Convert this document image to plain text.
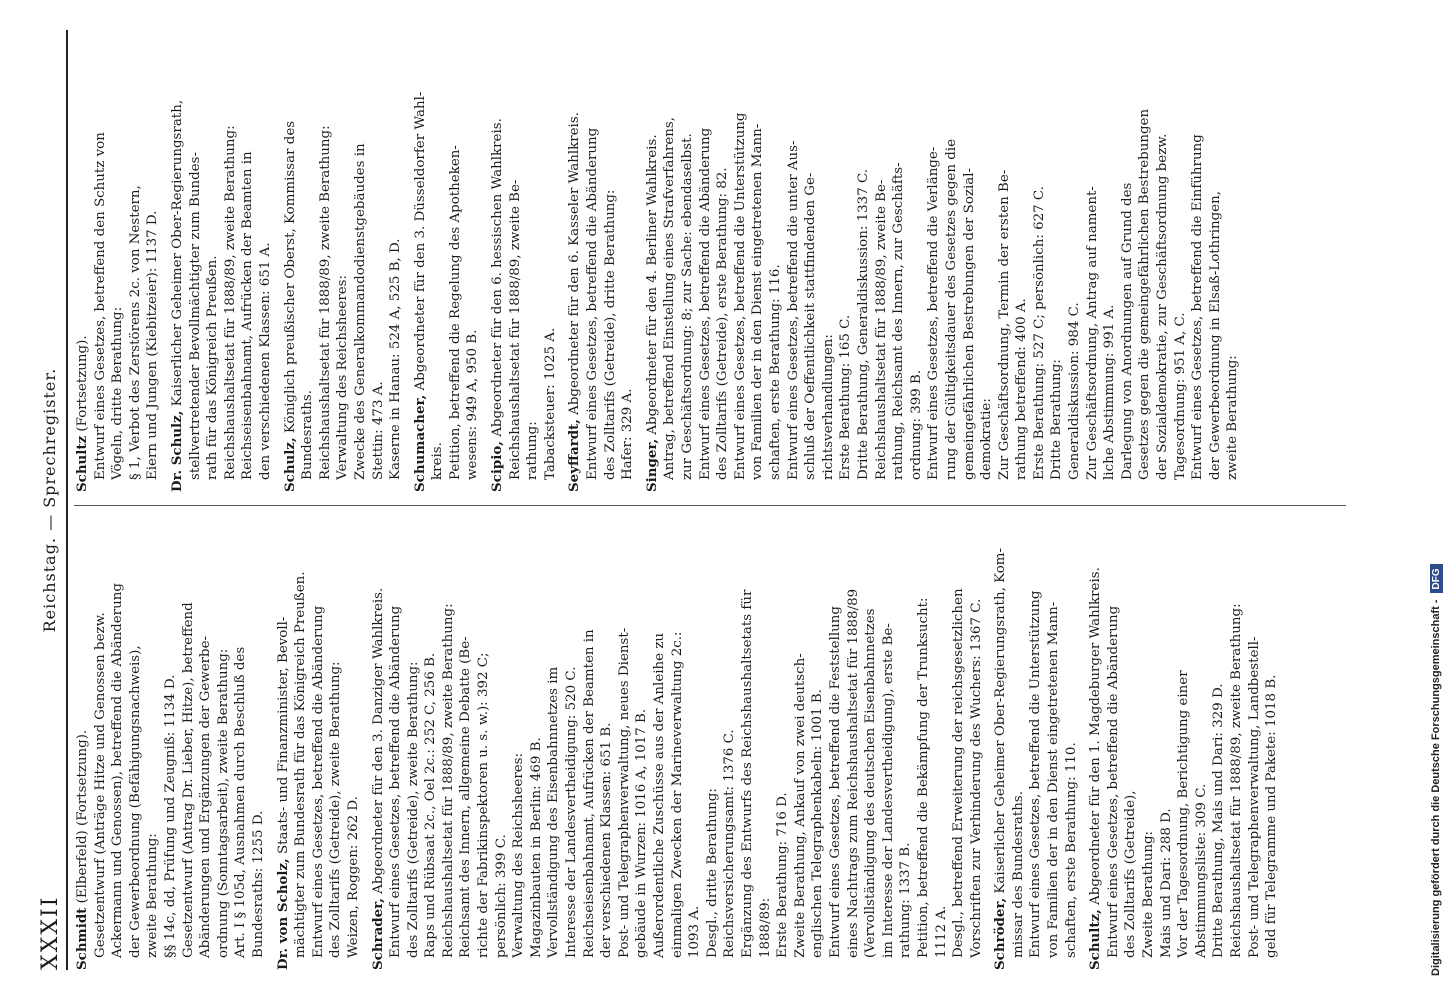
XXXII
Reichstag. — Sprechregister.
Schmidt (Elberfeld) (Fortsetzung). Gesetzentwurf (Anträge Hitze und Genossen bezw. Ackermann und Genossen), betreffend die Abänderung der Gewerbeordnung (Befähigungsnachweis), zweite Berathung: §§ 14c, dd, Prüfung und Zeugniß: 1134 D. Gesetzentwurf (Antrag Dr. Lieber, Hitze), betreffend Abänderungen und Ergänzungen der Gewerbe- ordnung (Sonntagsarbeit), zweite Berathung: Art. I § 105d, Ausnahmen durch Beschluß des Bundesraths: 1255 D. Dr. von Scholz, Staats- und Finanzminister, Bevoll- mächtigter zum Bundesrath für das Königreich Preußen. Entwurf eines Gesetzes, betreffend die Abänderung des Zolltarifs (Getreide), zweite Berathung: Weizen, Roggen: 262 D. Schrader, Abgeordneter für den 3. Danziger Wahlkreis. Entwurf eines Gesetzes, betreffend die Abänderung des Zolltarifs (Getreide), zweite Berathung: Raps und Rübsaat 2c., Oel 2c.: 252 C, 256 B. Reichshaushaltsetat für 1888/89, zweite Berathung: Reichsamt des Innern, allgemeine Debatte (Be- richte der Fabrikinspektoren u. s. w.): 392 C; persönlich: 399 C. Verwaltung des Reichsheeres: Magazinbauten in Berlin: 469 B. Vervollständigung des Eisenbahnnetzes im Interesse der Landesvertheidigung: 520 C. Reichseisenbahnamt, Aufrücken der Beamten in der verschiedenen Klassen: 651 B. Post- und Telegraphenverwaltung, neues Dienst- gebäude in Wurzen: 1016 A, 1017 B. Außerordentliche Zuschüsse aus der Anleihe zu einmaligen Zwecken der Marineverwaltung 2c.: 1093 A. Desgl., dritte Berathung: Reichsversicherungsamt: 1376 C. Ergänzung des Entwurfs des Reichshaushaltsetats für 1888/89: Erste Berathung: 716 D. Zweite Berathung, Ankauf von zwei deutsch- englischen Telegraphenkabeln: 1001 B. Entwurf eines Gesetzes, betreffend die Feststellung eines Nachtrags zum Reichshaushaltsetat für 1888/89 (Vervollständigung des deutschen Eisenbahnnetzes im Interesse der Landesvertheidigung), erste Be- rathung: 1337 B. Petition, betreffend die Bekämpfung der Trunksucht: 1112 A. Desgl., betreffend Erweiterung der reichsgesetzlichen Vorschriften zur Verhinderung des Wuchers: 1367 C. Schröder, Kaiserlicher Geheimer Ober-Regierungsrath, Kom- missar des Bundesraths. Entwurf eines Gesetzes, betreffend die Unterstützung von Familien der in den Dienst eingetretenen Mann- schaften, erste Berathung: 110. Schultz, Abgeordneter für den 1. Magdeburger Wahlkreis. Entwurf eines Gesetzes, betreffend die Abänderung des Zolltarifs (Getreide), Zweite Berathung: Mais und Dari: 288 D. Vor der Tagesordnung, Berichtigung einer Abstimmungsliste: 309 C. Dritte Berathung, Mais und Dari: 329 D. Reichshaushaltsetat für 1888/89, zweite Berathung: Post- und Telegraphenverwaltung, Landbestell- geld für Telegramme und Pakete: 1018 B.
Schultz (Fortsetzung). Entwurf eines Gesetzes, betreffend den Schutz von Vögeln, dritte Berathung: § 1, Verbot des Zerstörens 2c. von Nestern, Eiern und Jungen (Kiebitzeier): 1137 D. Dr. Schulz, Kaiserlicher Geheimer Ober-Regierungsrath, stellvertretender Bevollmächtigter zum Bundes- rath für das Königreich Preußen. Reichshaushaltsetat für 1888/89, zweite Berathung: Reichseisenbahnamt, Aufrücken der Beamten in den verschiedenen Klassen: 651 A. Schulz, Königlich preußischer Oberst, Kommissar des Bundesraths. Reichshaushaltsetat für 1888/89, zweite Berathung: Verwaltung des Reichsheeres: Zwecke des Generalkommandodienstgebäudes in Stettin: 473 A. Kaserne in Hanau: 524 A, 525 B, D. Schumacher, Abgeordneter für den 3. Düsseldorfer Wahl-
kreis. Petition, betreffend die Regelung des Apotheken- wesens: 949 A, 950 B. Scipio, Abgeordneter für den 6. hessischen Wahlkreis. Reichshaushaltsetat für 1888/89, zweite Be- rathung: Tabacksteuer: 1025 A. Seyffardt, Abgeordneter für den 6. Kasseler Wahlkreis. Entwurf eines Gesetzes, betreffend die Abänderung des Zolltarifs (Getreide), dritte Berathung: Hafer: 329 A. Singer, Abgeordneter für den 4. Berliner Wahlkreis. Antrag, betreffend Einstellung eines Strafverfahrens, zur Geschäftsordnung: 8; zur Sache: ebendaselbst. Entwurf eines Gesetzes, betreffend die Abänderung des Zolltarifs (Getreide), erste Berathung: 82. Entwurf eines Gesetzes, betreffend die Unterstützung von Familien der in den Dienst eingetretenen Mann- schaften, erste Berathung: 116. Entwurf eines Gesetzes, betreffend die unter Aus- schluß der Oeffentlichkeit stattfindenden Ge- richtsverhandlungen: Erste Berathung: 165 C. Dritte Berathung, Generaldiskussion: 1337 C. Reichshaushaltsetat für 1888/89, zweite Be- rathung, Reichsamt des Innern, zur Geschäfts- ordnung: 399 B. Entwurf eines Gesetzes, betreffend die Verlänge- rung der Gültigkeitsdauer des Gesetzes gegen die gemeingefährlichen Bestrebungen der Sozial- demokratie: Zur Geschäftsordnung, Termin der ersten Be- rathung betreffend: 400 A. Erste Berathung: 527 C; persönlich: 627 C. Dritte Berathung: Generaldiskussion: 984 C. Zur Geschäftsordnung, Antrag auf nament- liche Abstimmung: 991 A. Darlegung von Anordnungen auf Grund des Gesetzes gegen die gemeingefährlichen Bestrebungen der Sozialdemokratie, zur Geschäftsordnung bezw. Tagesordnung: 951 A, C. Entwurf eines Gesetzes, betreffend die Einführung der Gewerbeordnung in Elsaß-Lothringen, zweite Berathung:
Digitalisierung gefördert durch die Deutsche Forschungsgemeinschaft -DFG
